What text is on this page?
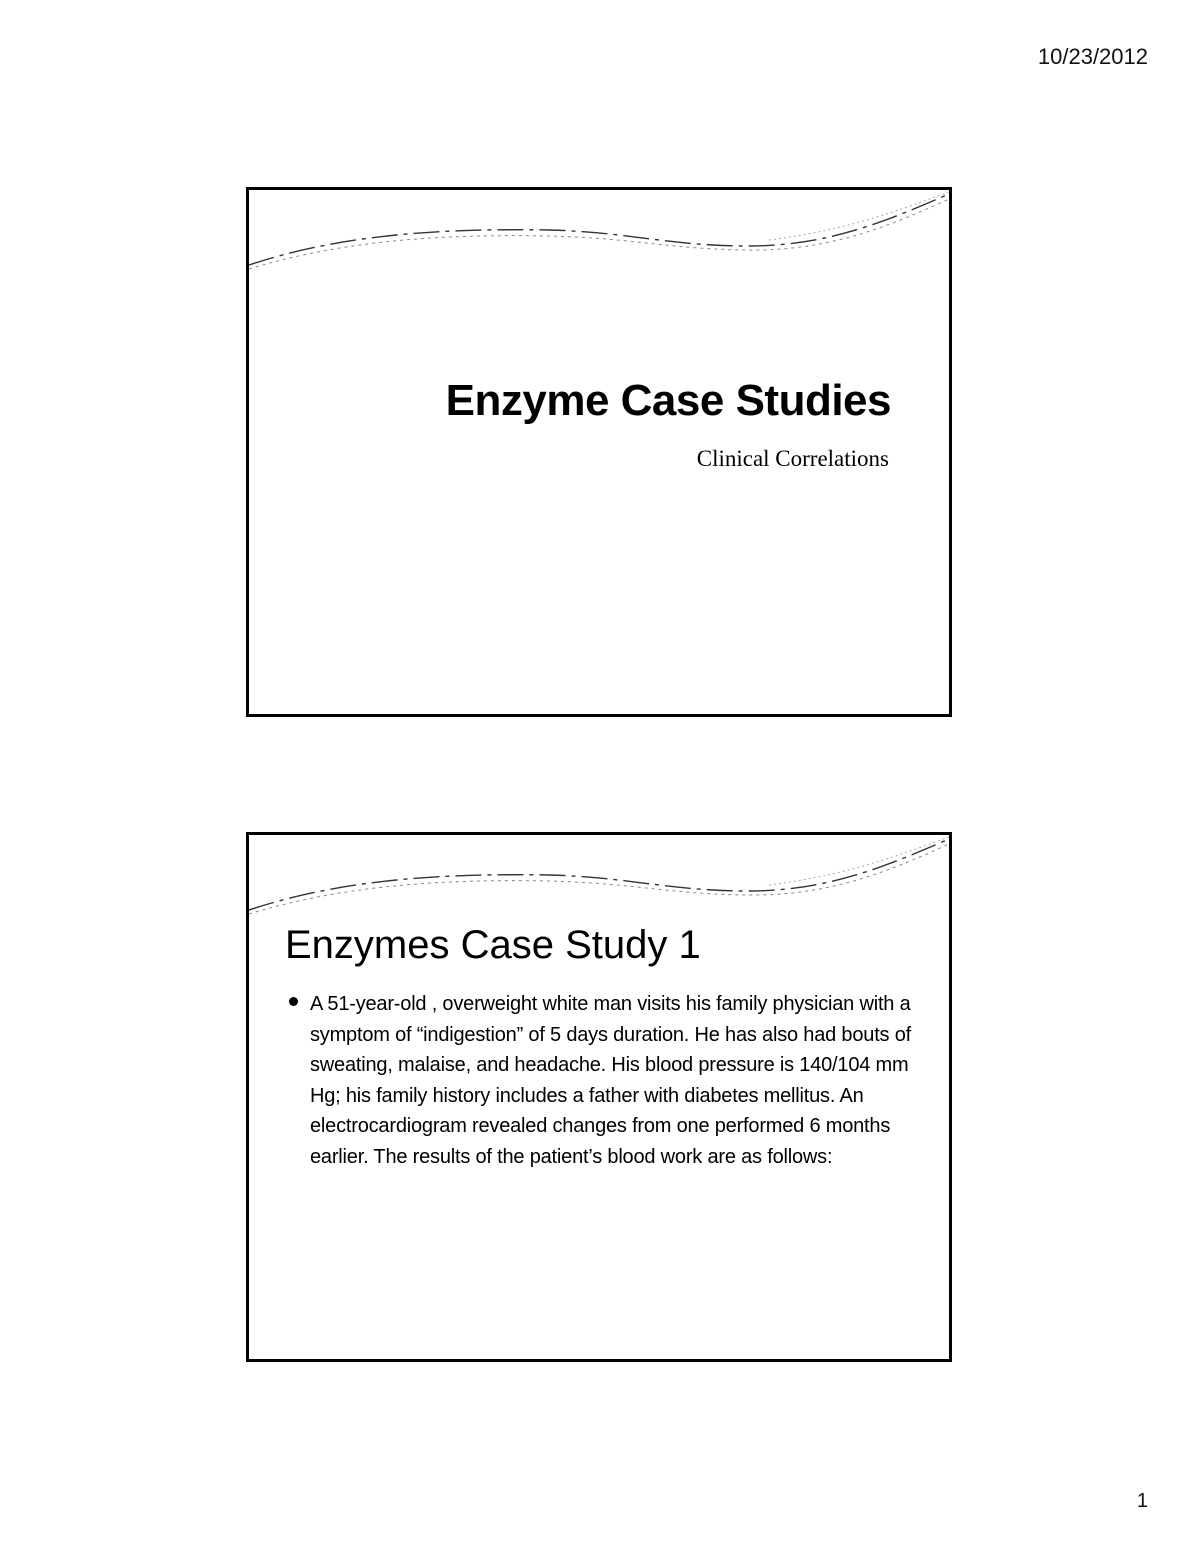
10/23/2012
Enzyme Case Studies
Clinical Correlations
Enzymes Case Study 1
A 51-year-old , overweight white man visits his family physician with a symptom of “indigestion” of 5 days duration. He has also had bouts of sweating, malaise, and headache. His blood pressure is 140/104 mm Hg; his family history includes a father with diabetes mellitus. An electrocardiogram revealed changes from one performed 6 months earlier. The results of the patient’s blood work are as follows:
1
